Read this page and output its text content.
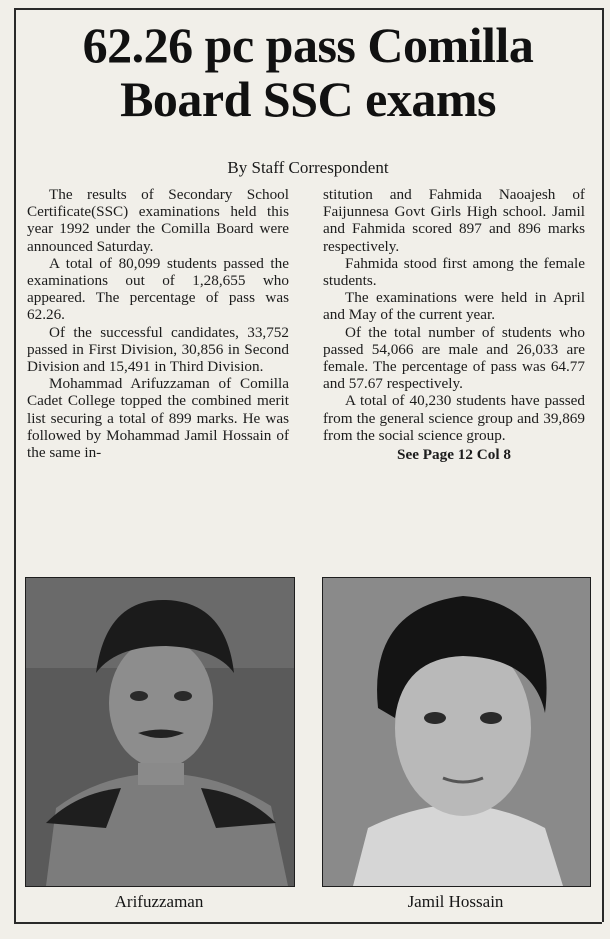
62.26 pc pass Comilla
Board SSC exams
By Staff Correspondent

The results of Secondary School Certificate(SSC) examinations held this year 1992 under the Comilla Board were announced Saturday.

A total of 80,099 students passed the examinations out of 1,28,655 who appeared. The percentage of pass was 62.26.

Of the successful candidates, 33,752 passed in First Division, 30,856 in Second Division and 15,491 in Third Division.

Mohammad Arifuzzaman of Comilla Cadet College topped the combined merit list securing a total of 899 marks. He was followed by Mohammad Jamil Hossain of the same in-

stitution and Fahmida Naoajesh of Faijunnesa Govt Girls High school. Jamil and Fahmida scored 897 and 896 marks respectively.

Fahmida stood first among the female students.

The examinations were held in April and May of the current year.

Of the total number of students who passed 54,066 are male and 26,033 are female. The percentage of pass was 64.77 and 57.67 respectively.

A total of 40,230 students have passed from the general science group and 39,869 from the social science group.

See Page 12 Col 8

Arifuzzaman	Jamil Hossain
